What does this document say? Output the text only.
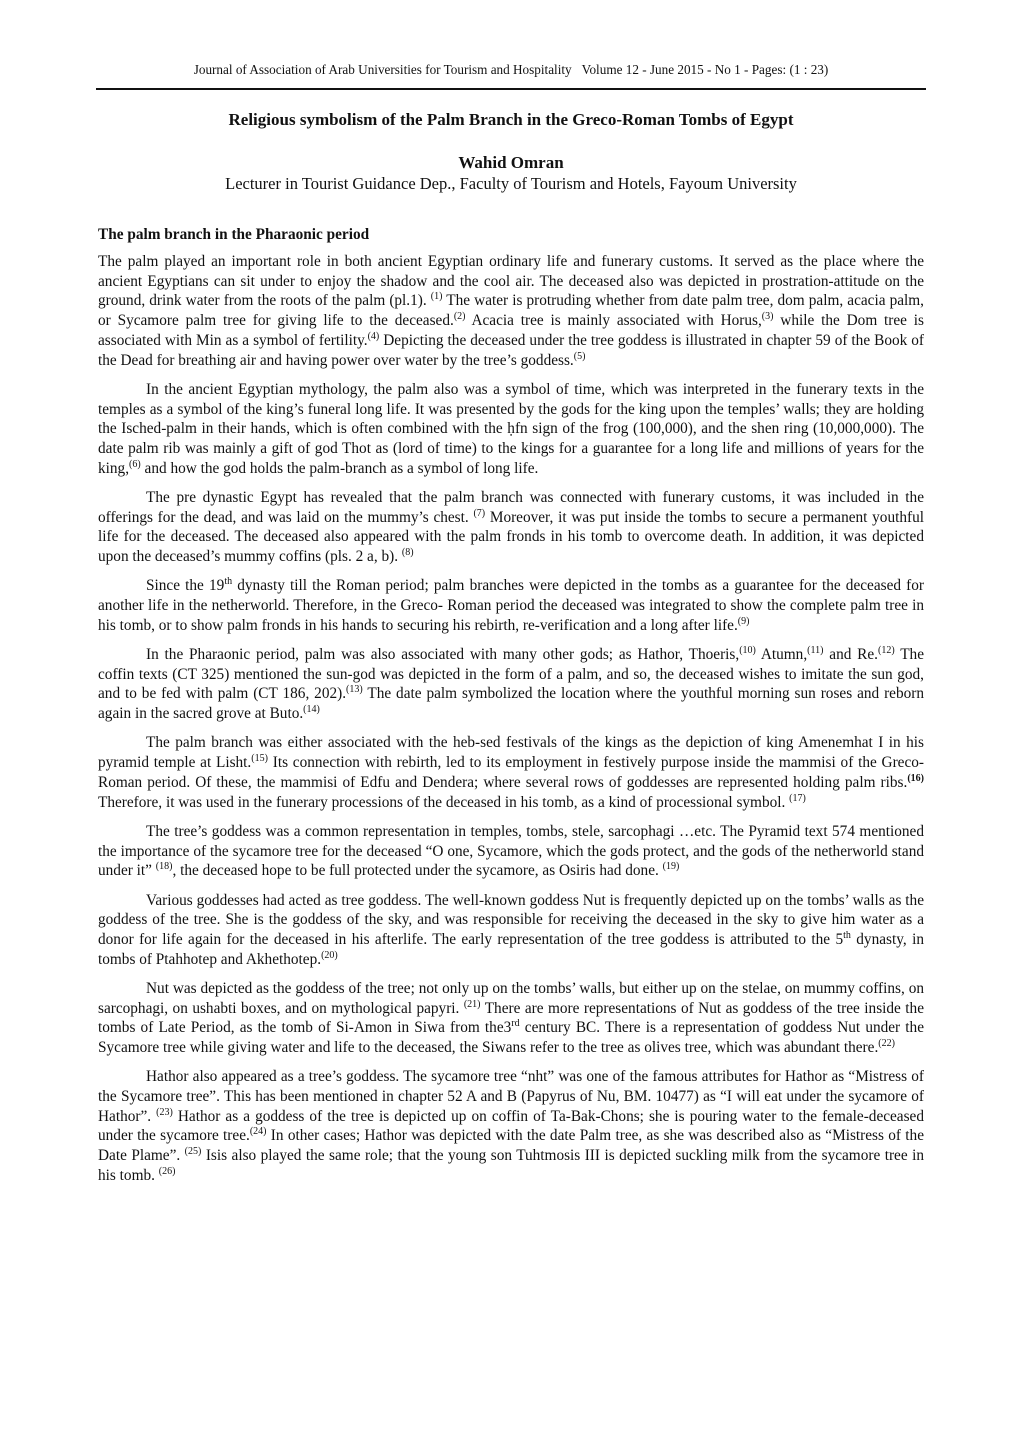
Journal of Association of Arab Universities for Tourism and Hospitality Volume 12 - June 2015 - No 1 - Pages: (1 : 23)
Religious symbolism of the Palm Branch in the Greco-Roman Tombs of Egypt
Wahid Omran
Lecturer in Tourist Guidance Dep., Faculty of Tourism and Hotels, Fayoum University
The palm branch in the Pharaonic period

The palm played an important role in both ancient Egyptian ordinary life and funerary customs. It served as the place where the ancient Egyptians can sit under to enjoy the shadow and the cool air. The deceased also was depicted in prostration-attitude on the ground, drink water from the roots of the palm (pl.1). $^{(1)}$ The water is protruding whether from date palm tree, dom palm, acacia palm, or Sycamore palm tree for giving life to the deceased.$^{(2)}$ Acacia tree is mainly associated with Horus,$^{(3)}$ while the Dom tree is associated with Min as a symbol of fertility.$^{(4)}$ Depicting the deceased under the tree goddess is illustrated in chapter 59 of the Book of the Dead for breathing air and having power over water by the tree’s goddess.$^{(5)}$

In the ancient Egyptian mythology, the palm also was a symbol of time, which was interpreted in the funerary texts in the temples as a symbol of the king’s funeral long life. It was presented by the gods for the king upon the temples’ walls; they are holding the Isched-palm in their hands, which is often combined with the ḥfn sign of the frog (100,000), and the shen ring (10,000,000). The date palm rib was mainly a gift of god Thot as (lord of time) to the kings for a guarantee for a long life and millions of years for the king,$^{(6)}$ and how the god holds the palm-branch as a symbol of long life.

The pre dynastic Egypt has revealed that the palm branch was connected with funerary customs, it was included in the offerings for the dead, and was laid on the mummy’s chest. $^{(7)}$ Moreover, it was put inside the tombs to secure a permanent youthful life for the deceased. The deceased also appeared with the palm fronds in his tomb to overcome death. In addition, it was depicted upon the deceased’s mummy coffins (pls. 2 a, b). $^{(8)}$

Since the 19th dynasty till the Roman period; palm branches were depicted in the tombs as a guarantee for the deceased for another life in the netherworld. Therefore, in the Greco- Roman period the deceased was integrated to show the complete palm tree in his tomb, or to show palm fronds in his hands to securing his rebirth, re-verification and a long after life.$^{(9)}$

In the Pharaonic period, palm was also associated with many other gods; as Hathor, Thoeris,$^{(10)}$ Atumn,$^{(11)}$ and Re.$^{(12)}$ The coffin texts (CT 325) mentioned the sun-god was depicted in the form of a palm, and so, the deceased wishes to imitate the sun god, and to be fed with palm (CT 186, 202).$^{(13)}$ The date palm symbolized the location where the youthful morning sun roses and reborn again in the sacred grove at Buto.$^{(14)}$

The palm branch was either associated with the heb-sed festivals of the kings as the depiction of king Amenemhat I in his pyramid temple at Lisht.$^{(15)}$ Its connection with rebirth, led to its employment in festively purpose inside the mammisi of the Greco- Roman period. Of these, the mammisi of Edfu and Dendera; where several rows of goddesses are represented holding palm ribs.$^{(16)}$ Therefore, it was used in the funerary processions of the deceased in his tomb, as a kind of processional symbol. $^{(17)}$

The tree’s goddess was a common representation in temples, tombs, stele, sarcophagi …etc. The Pyramid text 574 mentioned the importance of the sycamore tree for the deceased “O one, Sycamore, which the gods protect, and the gods of the netherworld stand under it” $^{(18)}$, the deceased hope to be full protected under the sycamore, as Osiris had done. $^{(19)}$

Various goddesses had acted as tree goddess. The well-known goddess Nut is frequently depicted up on the tombs’ walls as the goddess of the tree. She is the goddess of the sky, and was responsible for receiving the deceased in the sky to give him water as a donor for life again for the deceased in his afterlife. The early representation of the tree goddess is attributed to the 5th dynasty, in tombs of Ptahhotep and Akhethotep.$^{(20)}$

Nut was depicted as the goddess of the tree; not only up on the tombs’ walls, but either up on the stelae, on mummy coffins, on sarcophagi, on ushabti boxes, and on mythological papyri. $^{(21)}$ There are more representations of Nut as goddess of the tree inside the tombs of Late Period, as the tomb of Si-Amon in Siwa from the3rd century BC. There is a representation of goddess Nut under the Sycamore tree while giving water and life to the deceased, the Siwans refer to the tree as olives tree, which was abundant there.$^{(22)}$

Hathor also appeared as a tree’s goddess. The sycamore tree “nht” was one of the famous attributes for Hathor as “Mistress of the Sycamore tree”. This has been mentioned in chapter 52 A and B (Papyrus of Nu, BM. 10477) as “I will eat under the sycamore of Hathor”. $^{(23)}$ Hathor as a goddess of the tree is depicted up on coffin of Ta-Bak-Chons; she is pouring water to the female-deceased under the sycamore tree.$^{(24)}$ In other cases; Hathor was depicted with the date Palm tree, as she was described also as “Mistress of the Date Plame”. $^{(25)}$ Isis also played the same role; that the young son Tuhtmosis III is depicted suckling milk from the sycamore tree in his tomb. $^{(26)}$
